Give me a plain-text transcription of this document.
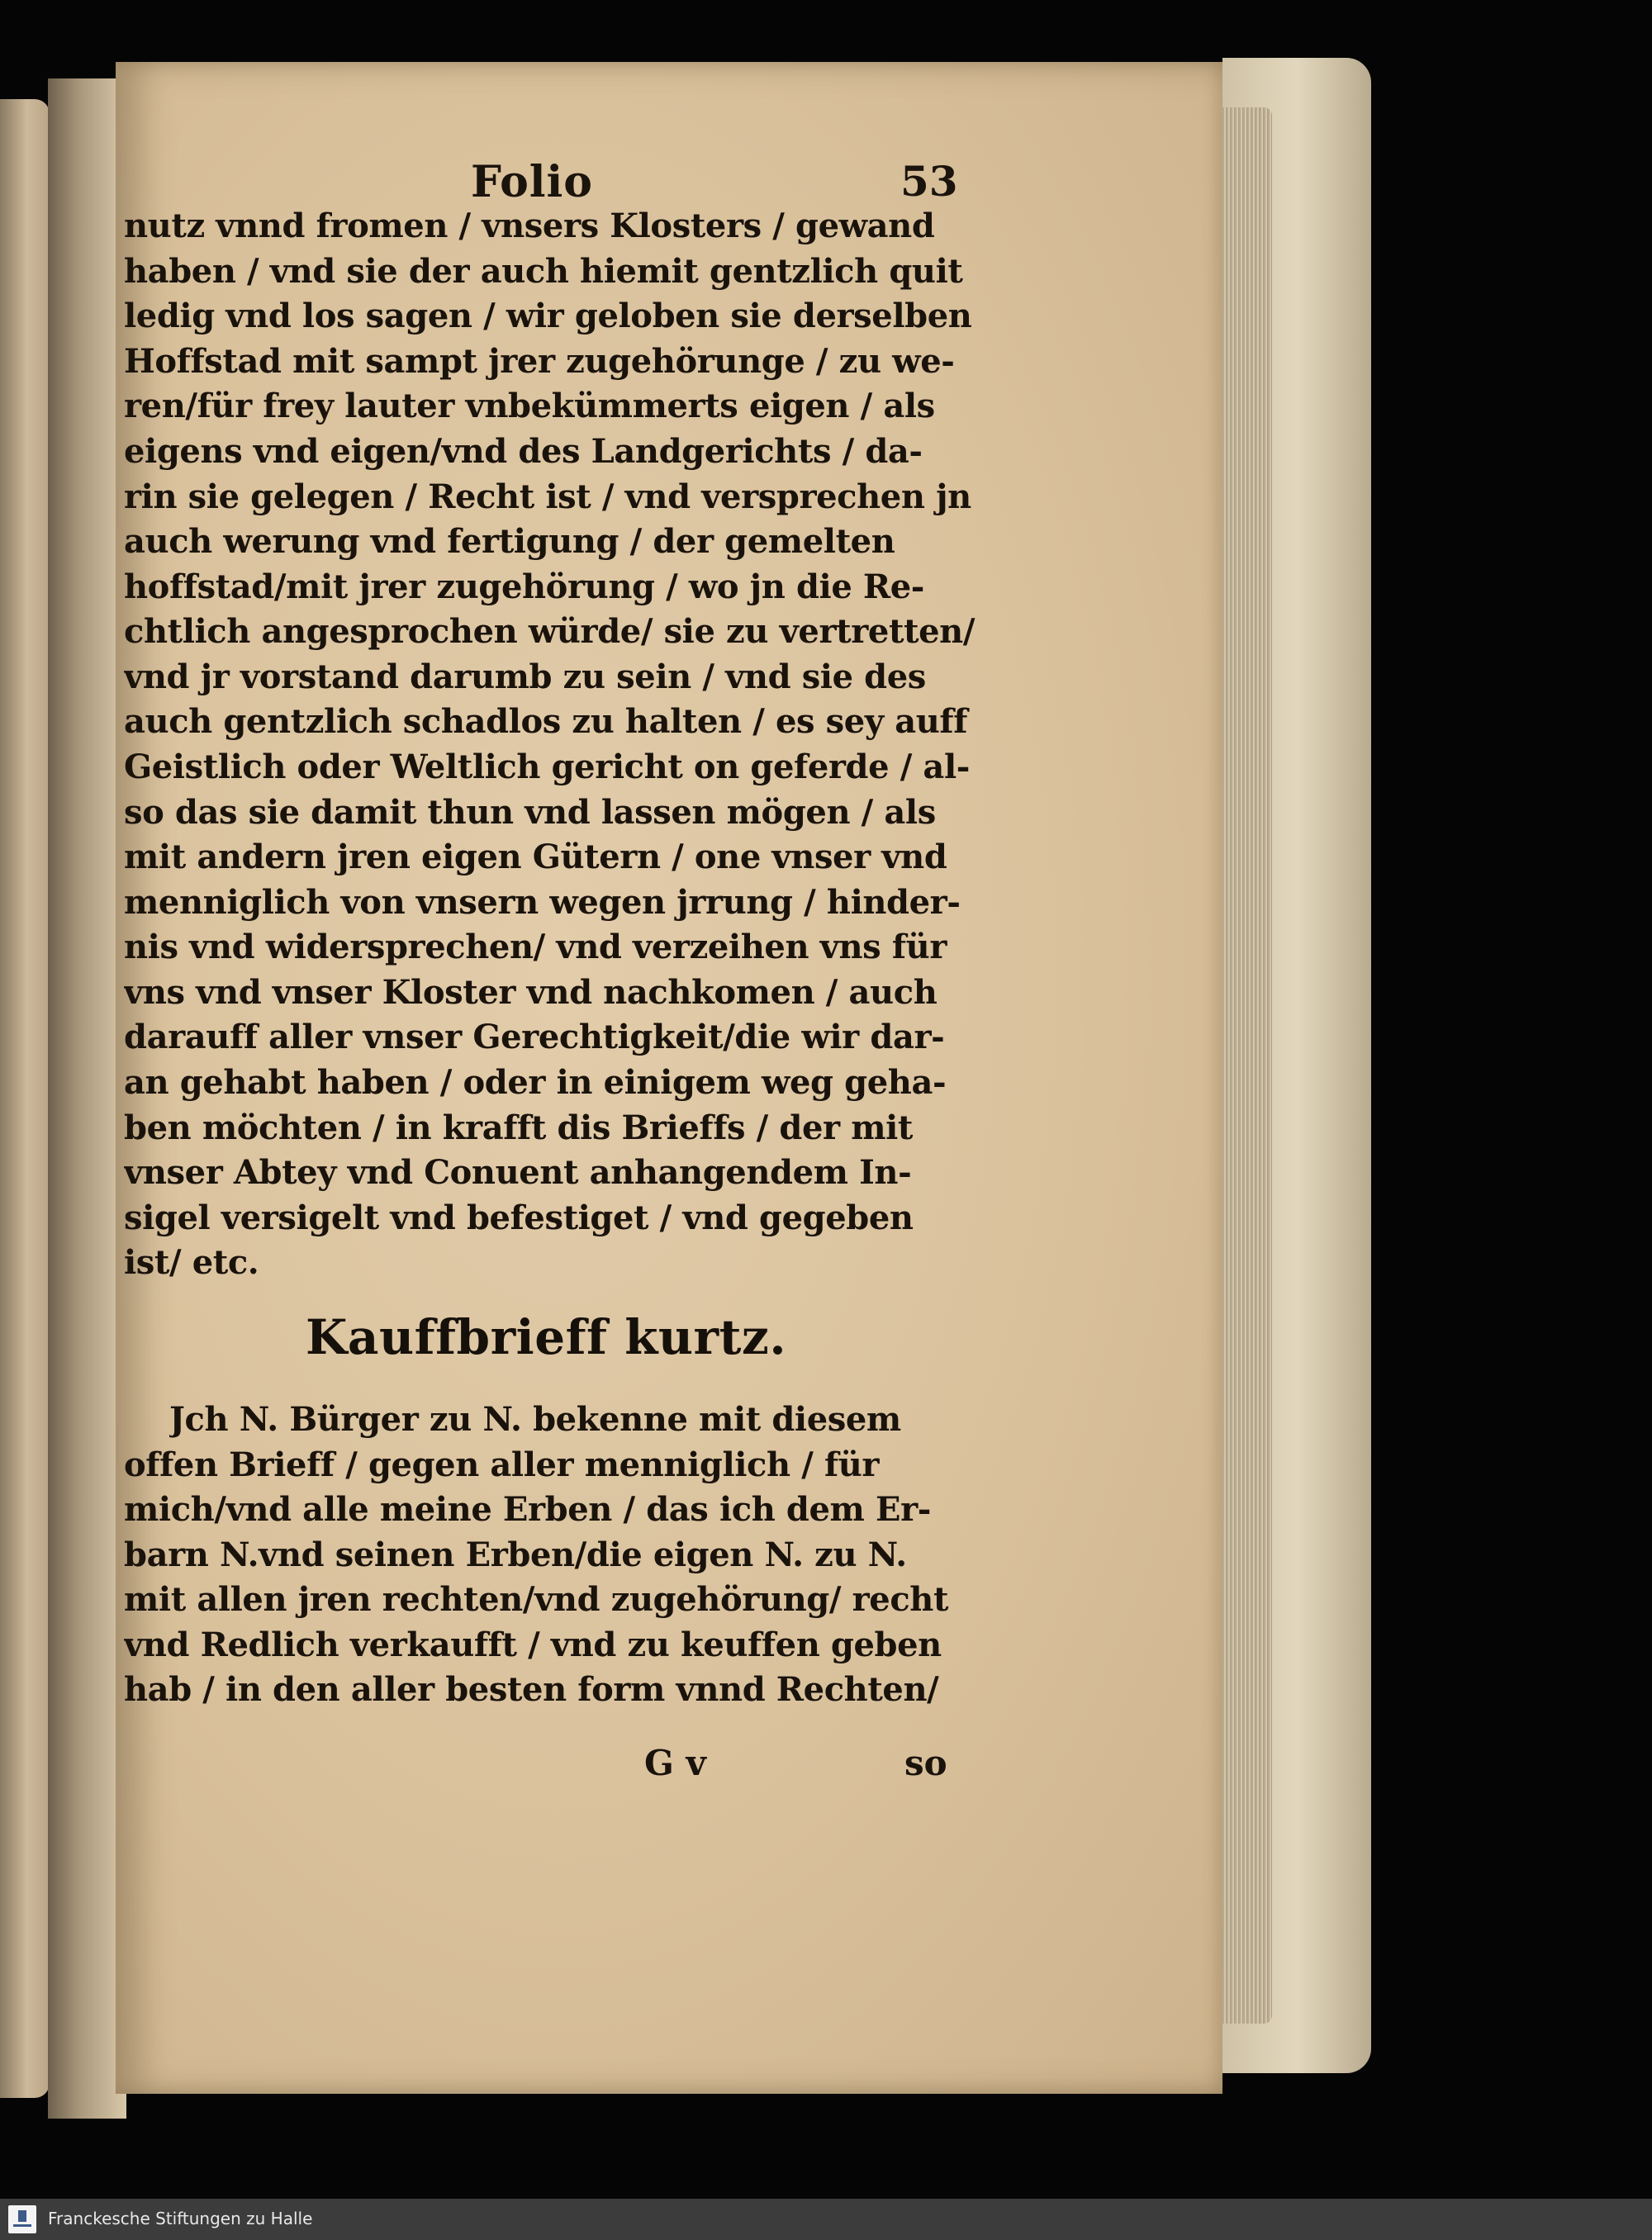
Folio	53
nutz vnnd fromen / vnsers Klosters / gewand
haben / vnd sie der auch hiemit gentzlich quit
ledig vnd los sagen / wir geloben sie derselben
Hoffstad mit sampt jrer zugehörunge / zu we-
ren/für frey lauter vnbekümmerts eigen / als
eigens vnd eigen/vnd des Landgerichts / da-
rin sie gelegen / Recht ist / vnd versprechen jn
auch werung vnd fertigung / der gemelten
hoffstad/mit jrer zugehörung / wo jn die Re-
chtlich angesprochen würde/ sie zu vertretten/
vnd jr vorstand darumb zu sein / vnd sie des
auch gentzlich schadlos zu halten / es sey auff
Geistlich oder Weltlich gericht on geferde / al-
so das sie damit thun vnd lassen mögen / als
mit andern jren eigen Gütern / one vnser vnd
menniglich von vnsern wegen jrrung / hinder-
nis vnd widersprechen/ vnd verzeihen vns für
vns vnd vnser Kloster vnd nachkomen / auch
darauff aller vnser Gerechtigkeit/die wir dar-
an gehabt haben / oder in einigem weg geha-
ben möchten / in krafft dis Brieffs / der mit
vnser Abtey vnd Conuent anhangendem In-
sigel versigelt vnd befestiget / vnd gegeben
ist/ etc.
Kauffbrieff kurtz.
Jch N. Bürger zu N. bekenne mit diesem
offen Brieff / gegen aller menniglich / für
mich/vnd alle meine Erben / das ich dem Er-
barn N.vnd seinen Erben/die eigen N. zu N.
mit allen jren rechten/vnd zugehörung/ recht
vnd Redlich verkaufft / vnd zu keuffen geben
hab / in den aller besten form vnnd Rechten/
G v	so
Franckesche Stiftungen zu Halle
